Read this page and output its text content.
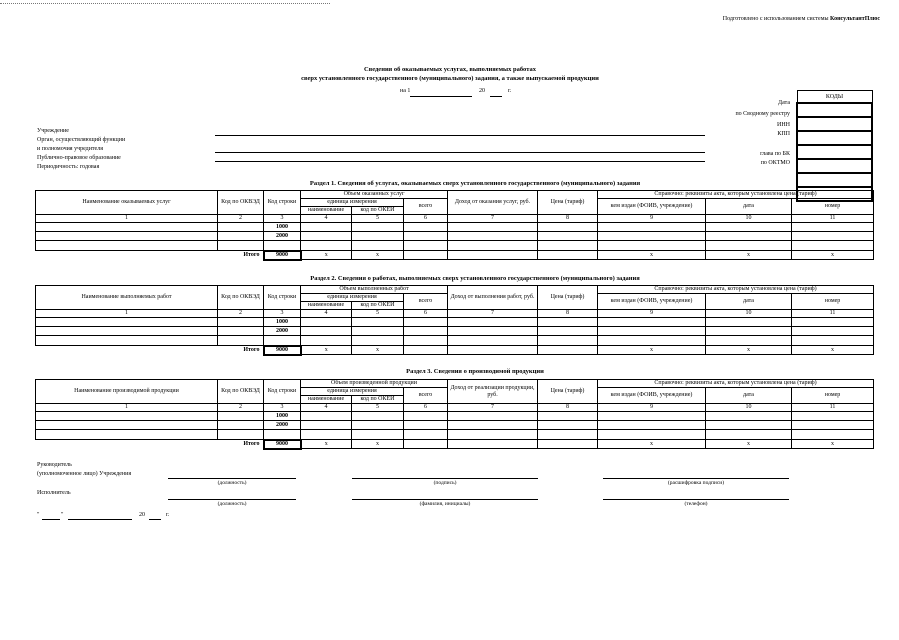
Подготовлено с использованием системы КонсультантПлюс
Сведения об оказываемых услугах, выполняемых работах
сверх установленного государственного (муниципального) задания, а также выпускаемой продукции
на 1	20	г.
КОДЫ

Дата
по Сводному реестру
ИНН
КПП
глава по БК
по ОКТМО
Учреждение
Орган, осуществляющий функции
и полномочия учредителя
Публично-правовое образование
Периодичность: годовая
Раздел 1. Сведения об услугах, оказываемых сверх установленного государственного (муниципального) задания
Наименование оказываемых услуг	Код по ОКВЭД	Код строки	Объем оказанных услуг			Доход от оказания услуг, руб.	Цена (тариф)	Справочно: реквизиты акта, которым установлена цена (тариф)		
			единица измерения		всего			кем издан (ФОИВ, учреждение)	дата	номер
			наименование	код по ОКЕИ						
1	2	3	4	5	6	7	8	9	10	11
		1000								
		2000								

Итого		9000	x	x				x	x	x
Раздел 2. Сведения о работах, выполняемых сверх установленного государственного (муниципального) задания
Наименование выполняемых работ	Код по ОКВЭД	Код строки	Объем выполненных работ			Доход от выполнения работ, руб.	Цена (тариф)	Справочно: реквизиты акта, которым установлена цена (тариф)		
			единица измерения		всего			кем издан (ФОИВ, учреждение)	дата	номер
			наименование	код по ОКЕИ						
1	2	3	4	5	6	7	8	9	10	11
		1000								
		2000								

Итого		9000	x	x				x	x	x
Раздел 3. Сведения о производимой продукции
Наименование производимой продукции	Код по ОКВЭД	Код строки	Объем произведенной продукции			Доход от реализации продукции, руб.	Цена (тариф)	Справочно: реквизиты акта, которым установлена цена (тариф)		
			единица измерения		всего			кем издан (ФОИВ, учреждение)	дата	номер
			наименование	код по ОКЕИ						
1	2	3	4	5	6	7	8	9	10	11
		1000								
		2000								

Итого		9000	x	x				x	x	x
Руководитель
(уполномоченное лицо) Учреждения
(должность)	(подпись)	(расшифровка подписи)
Исполнитель
(должность)	(фамилия, инициалы)	(телефон)
"	"	20	г.
